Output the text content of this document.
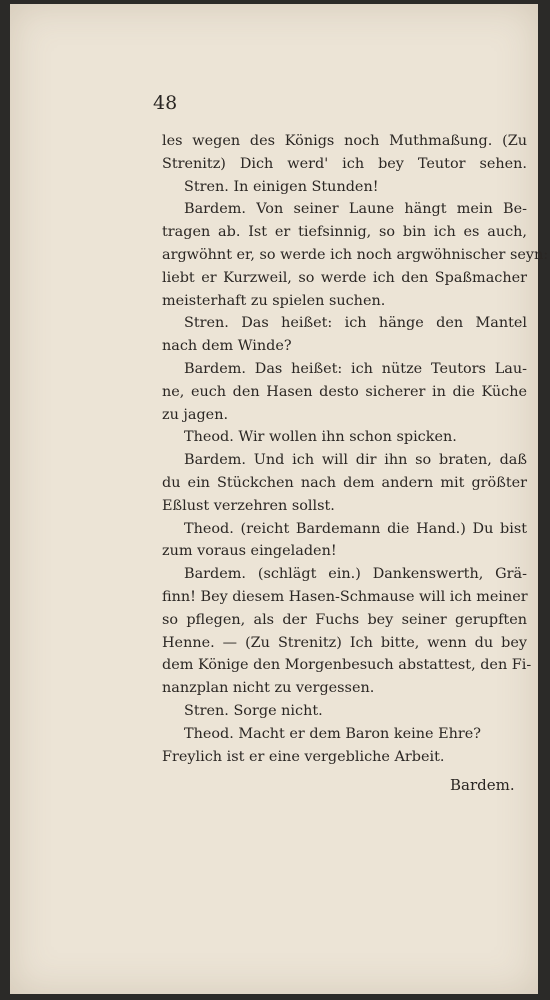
48
les wegen des Königs noch Muthmaßung. (Zu
Strenitz) Dich werd' ich bey Teutor sehen.
Stren. In einigen Stunden!
Bardem. Von seiner Laune hängt mein Be-
tragen ab. Ist er tiefsinnig, so bin ich es auch,
argwöhnt er, so werde ich noch argwöhnischer seyn:
liebt er Kurzweil, so werde ich den Spaßmacher
meisterhaft zu spielen suchen.
Stren. Das heißet: ich hänge den Mantel
nach dem Winde?
Bardem. Das heißet: ich nütze Teutors Lau-
ne, euch den Hasen desto sicherer in die Küche
zu jagen.
Theod. Wir wollen ihn schon spicken.
Bardem. Und ich will dir ihn so braten, daß
du ein Stückchen nach dem andern mit größter
Eßlust verzehren sollst.
Theod. (reicht Bardemann die Hand.) Du bist
zum voraus eingeladen!
Bardem. (schlägt ein.) Dankenswerth, Grä-
finn! Bey diesem Hasen-Schmause will ich meiner
so pflegen, als der Fuchs bey seiner gerupften
Henne. — (Zu Strenitz) Ich bitte, wenn du bey
dem Könige den Morgenbesuch abstattest, den Fi-
nanzplan nicht zu vergessen.
Stren. Sorge nicht.
Theod. Macht er dem Baron keine Ehre?
Freylich ist er eine vergebliche Arbeit.
Bardem.
